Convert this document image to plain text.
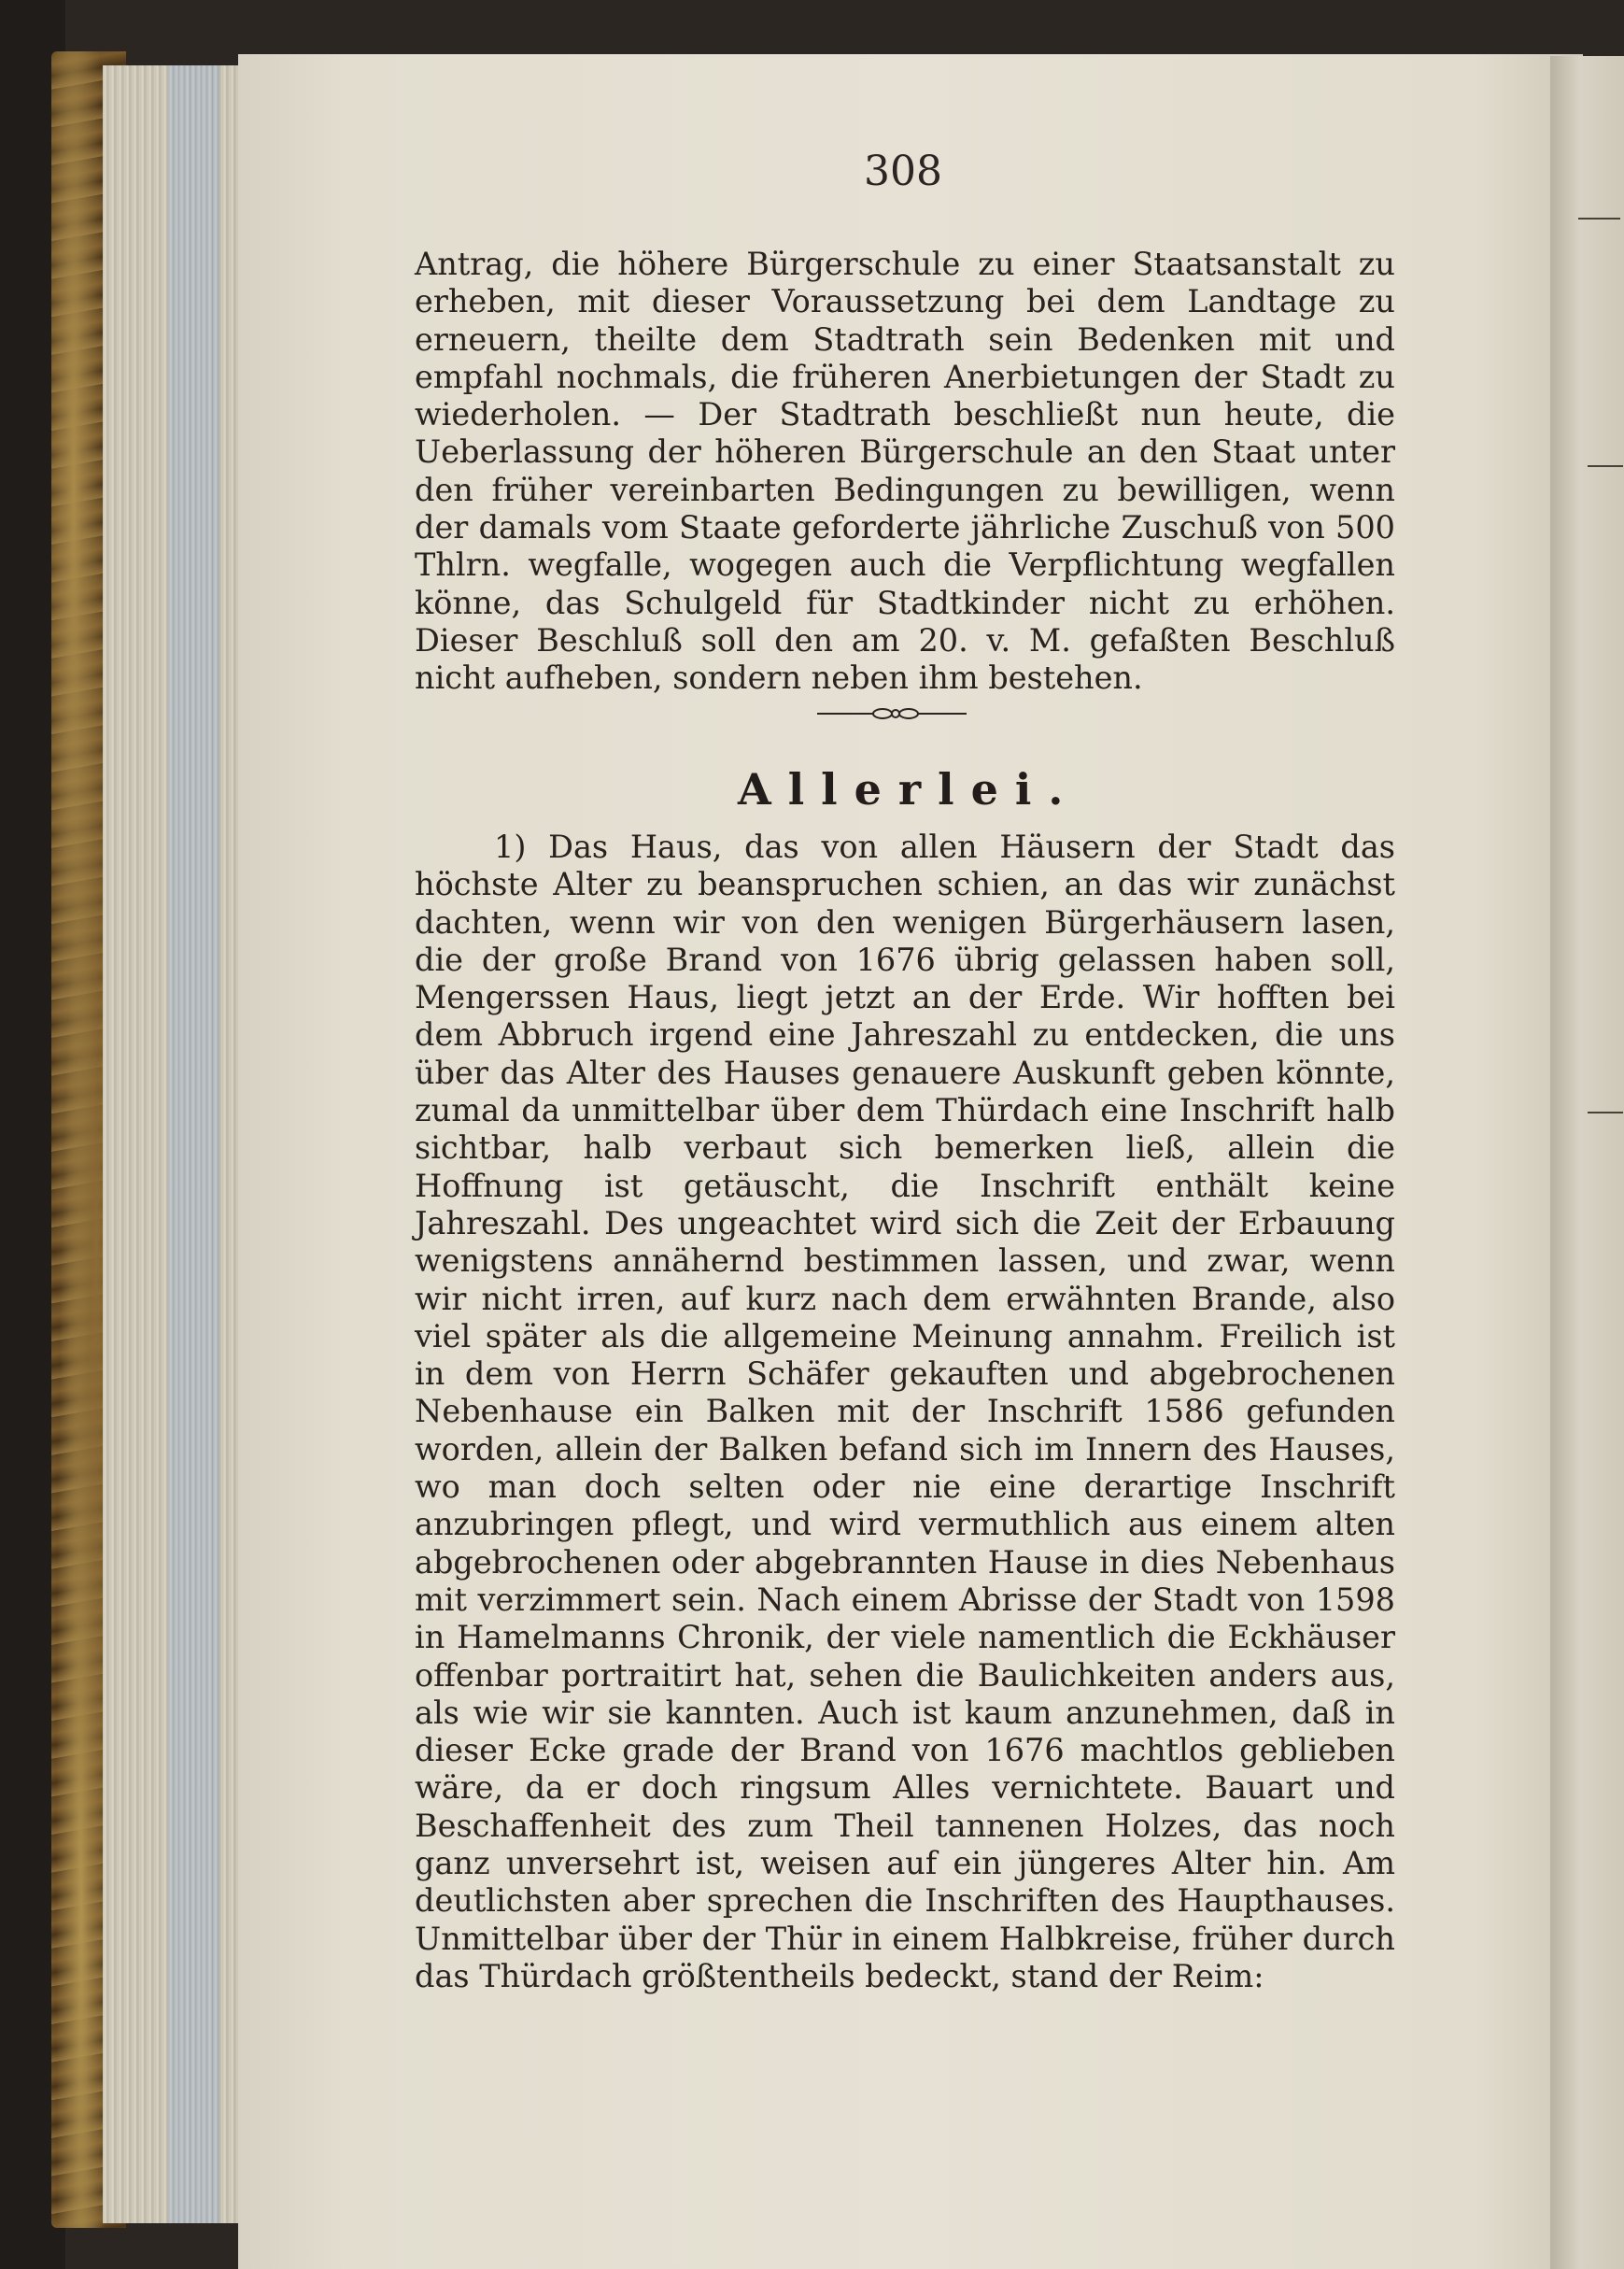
308
Antrag, die höhere Bürgerschule zu einer Staatsanstalt zu erheben, mit dieser Voraussetzung bei dem Landtage zu erneuern, theilte dem Stadtrath sein Bedenken mit und empfahl nochmals, die früheren Anerbietungen der Stadt zu wiederholen. — Der Stadtrath beschließt nun heute, die Ueberlassung der höheren Bürgerschule an den Staat unter den früher vereinbarten Bedingungen zu bewilligen, wenn der damals vom Staate geforderte jährliche Zuschuß von 500 Thlrn. wegfalle, wogegen auch die Verpflichtung wegfallen könne, das Schulgeld für Stadtkinder nicht zu erhöhen. Dieser Beschluß soll den am 20. v. M. gefaßten Beschluß nicht aufheben, sondern neben ihm bestehen.
Allerlei.
1) Das Haus, das von allen Häusern der Stadt das höchste Alter zu beanspruchen schien, an das wir zunächst dachten, wenn wir von den wenigen Bürgerhäusern lasen, die der große Brand von 1676 übrig gelassen haben soll, Mengerssen Haus, liegt jetzt an der Erde. Wir hofften bei dem Abbruch irgend eine Jahreszahl zu entdecken, die uns über das Alter des Hauses genauere Auskunft geben könnte, zumal da unmittelbar über dem Thürdach eine Inschrift halb sichtbar, halb verbaut sich bemerken ließ, allein die Hoffnung ist getäuscht, die Inschrift enthält keine Jahreszahl. Des ungeachtet wird sich die Zeit der Erbauung wenigstens annähernd bestimmen lassen, und zwar, wenn wir nicht irren, auf kurz nach dem erwähnten Brande, also viel später als die allgemeine Meinung annahm. Freilich ist in dem von Herrn Schäfer gekauften und abgebrochenen Nebenhause ein Balken mit der Inschrift 1586 gefunden worden, allein der Balken befand sich im Innern des Hauses, wo man doch selten oder nie eine derartige Inschrift anzubringen pflegt, und wird vermuthlich aus einem alten abgebrochenen oder abgebrannten Hause in dies Nebenhaus mit verzimmert sein. Nach einem Abrisse der Stadt von 1598 in Hamelmanns Chronik, der viele namentlich die Eckhäuser offenbar portraitirt hat, sehen die Baulichkeiten anders aus, als wie wir sie kannten. Auch ist kaum anzunehmen, daß in dieser Ecke grade der Brand von 1676 machtlos geblieben wäre, da er doch ringsum Alles vernichtete. Bauart und Beschaffenheit des zum Theil tannenen Holzes, das noch ganz unversehrt ist, weisen auf ein jüngeres Alter hin. Am deutlichsten aber sprechen die Inschriften des Haupthauses. Unmittelbar über der Thür in einem Halbkreise, früher durch das Thürdach größtentheils bedeckt, stand der Reim:
